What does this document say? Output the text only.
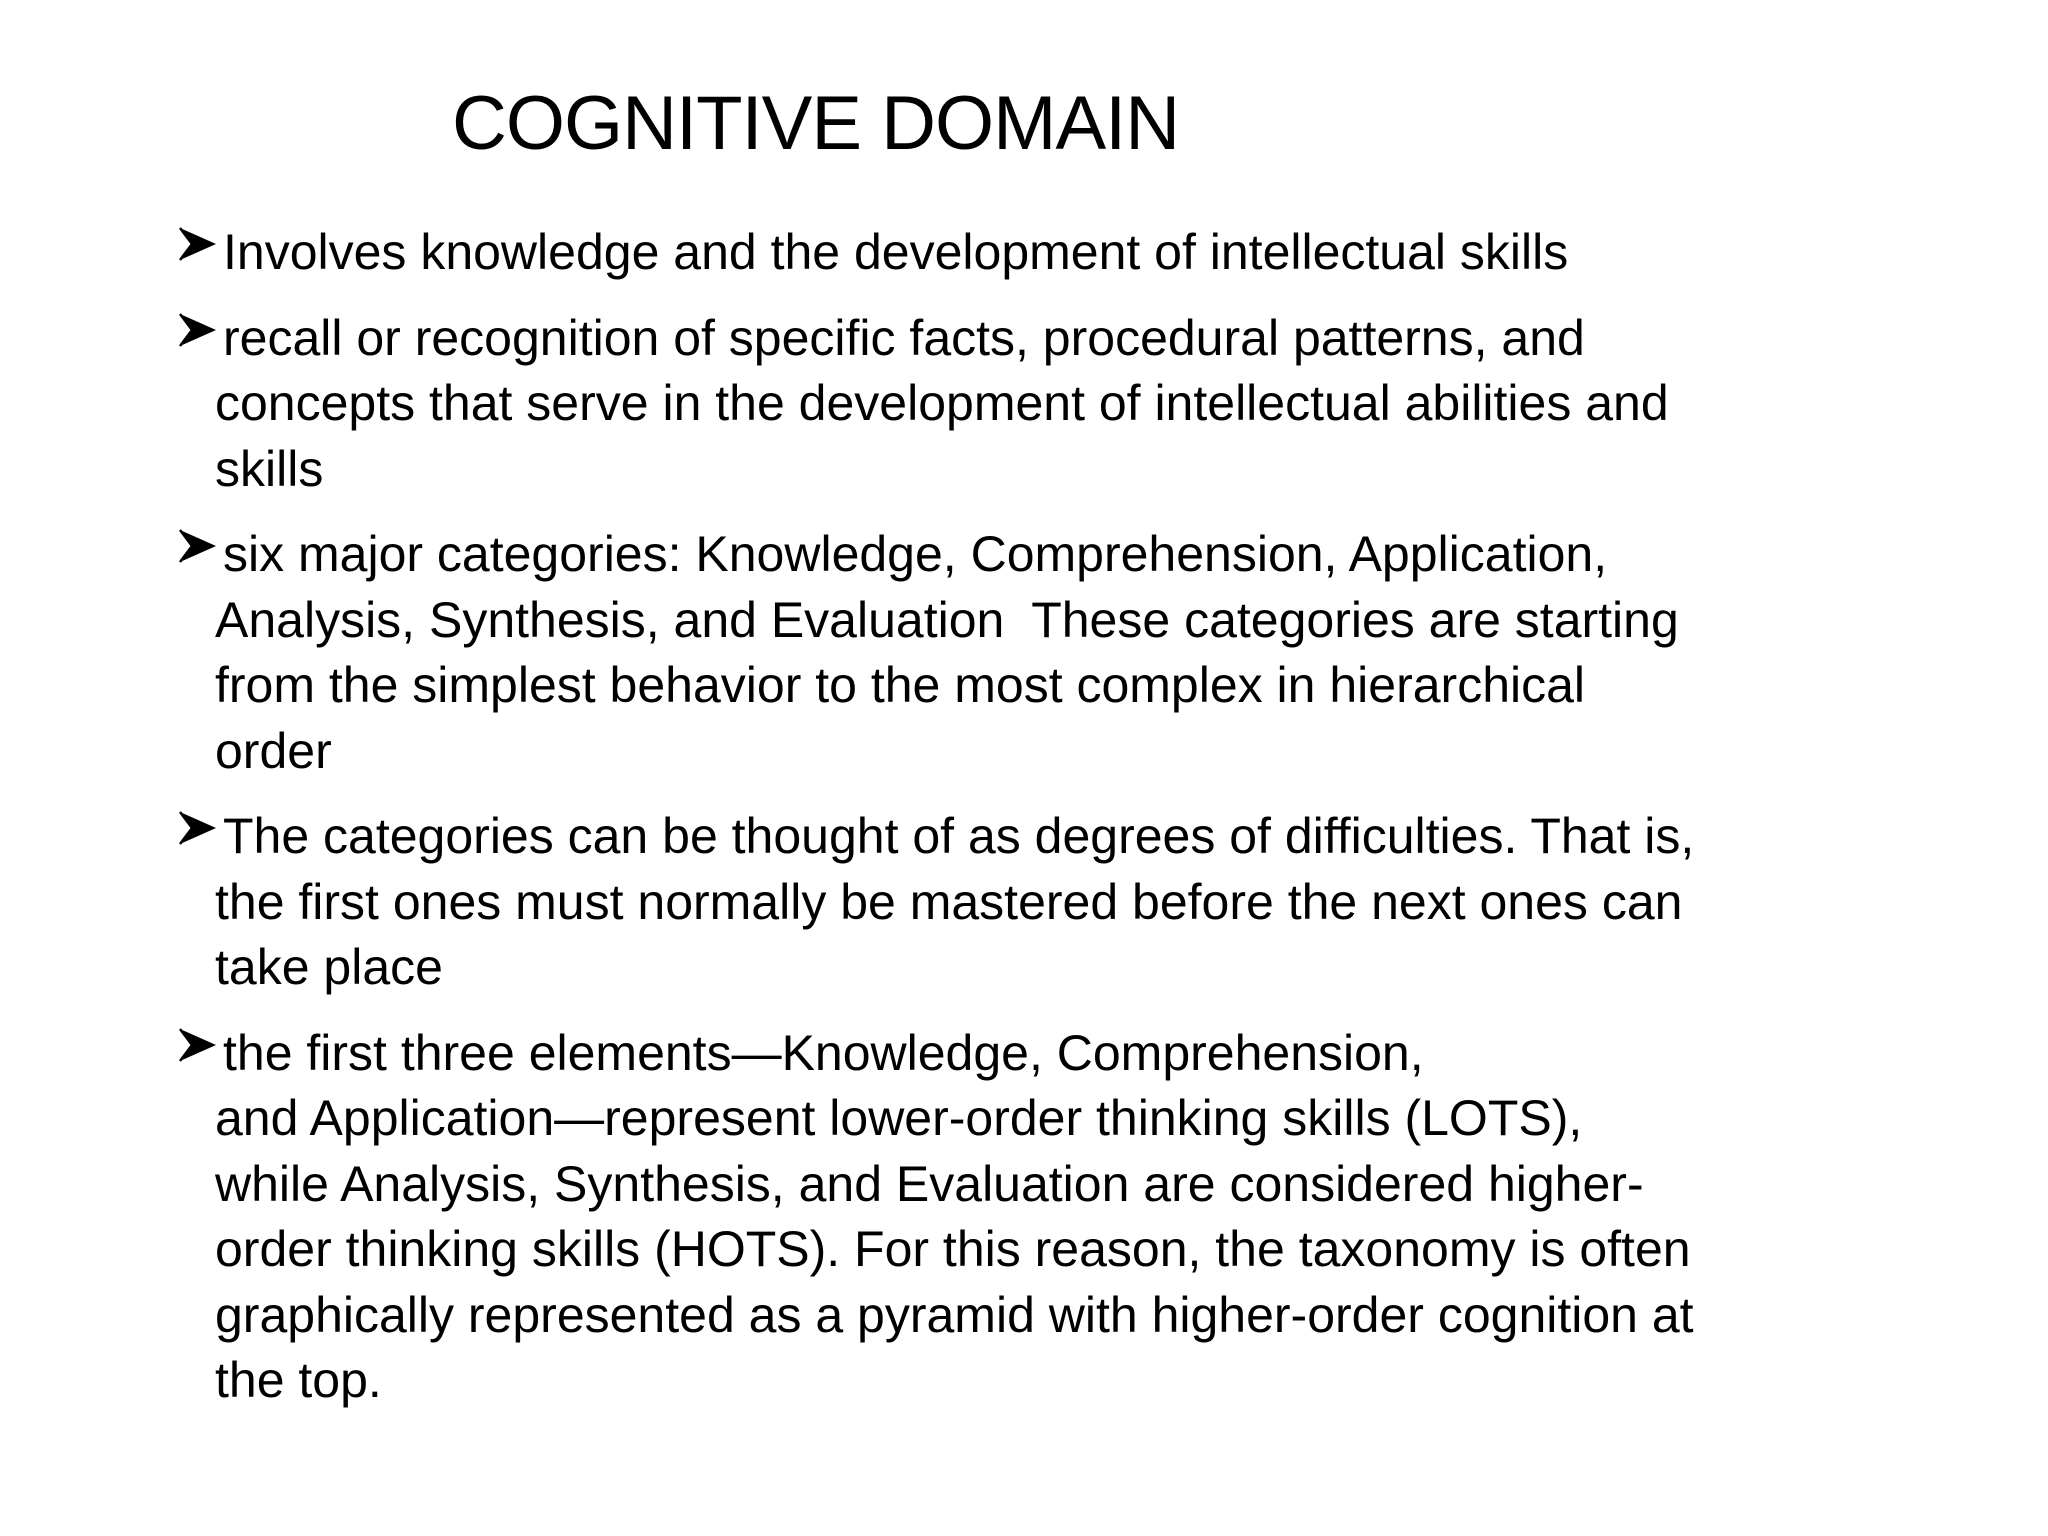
COGNITIVE DOMAIN
Involves knowledge and the development of intellectual skills
recall or recognition of specific facts, procedural patterns, and
concepts that serve in the development of intellectual abilities and
skills
six major categories: Knowledge, Comprehension, Application,
Analysis, Synthesis, and Evaluation  These categories are starting
from the simplest behavior to the most complex in hierarchical
order
The categories can be thought of as degrees of difficulties. That is,
the first ones must normally be mastered before the next ones can
take place
the first three elements—Knowledge, Comprehension,
and Application—represent lower-order thinking skills (LOTS),
while Analysis, Synthesis, and Evaluation are considered higher-
order thinking skills (HOTS). For this reason, the taxonomy is often
graphically represented as a pyramid with higher-order cognition at
the top.
